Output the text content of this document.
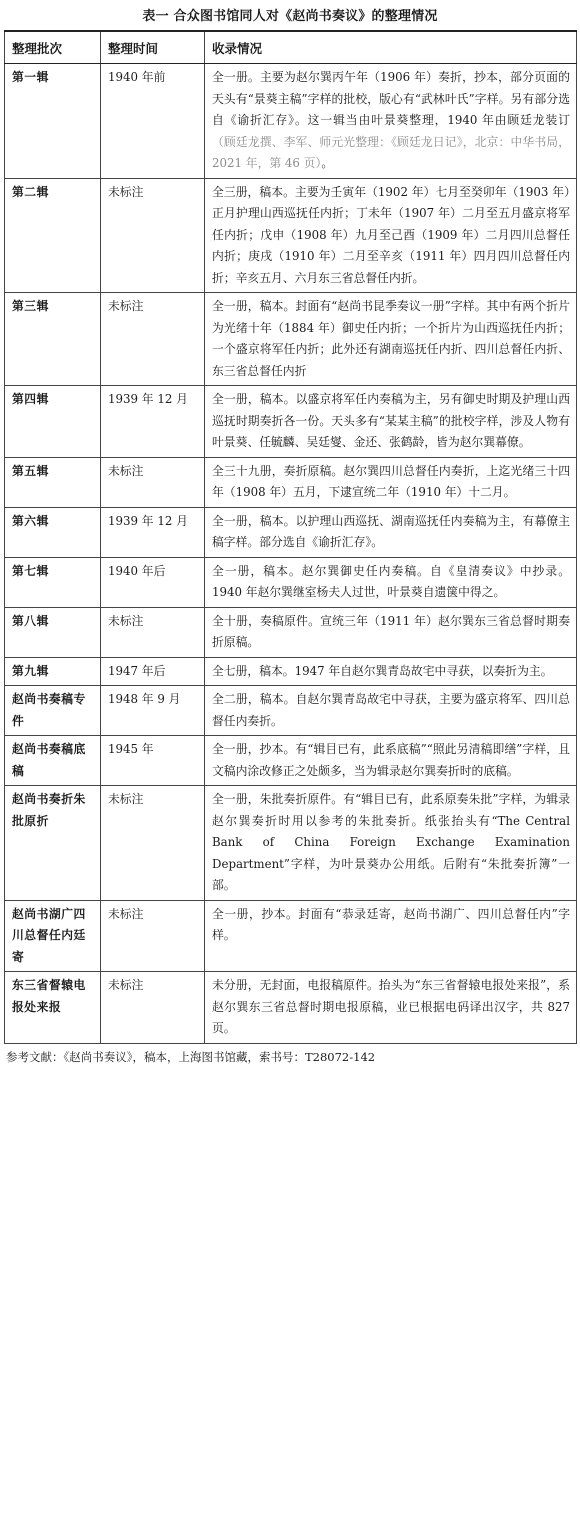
表一 合众图书馆同人对《赵尚书奏议》的整理情况
整理批次	整理时间	收录情况
第一辑	1940 年前	全一册。主要为赵尔巽丙午年（1906 年）奏折，抄本，部分页面的天头有“景葵主稿”字样的批校，版心有“武林叶氏”字样。另有部分选自《谕折汇存》。这一辑当由叶景葵整理，1940 年由顾廷龙装订（顾廷龙撰、李军、师元光整理：《顾廷龙日记》，北京：中华书局，2021 年，第 46 页）。
第二辑	未标注	全三册，稿本。主要为壬寅年（1902 年）七月至癸卯年（1903 年）正月护理山西巡抚任内折；丁未年（1907 年）二月至五月盛京将军任内折；戊申（1908 年）九月至己酉（1909 年）二月四川总督任内折；庚戌（1910 年）二月至辛亥（1911 年）四月四川总督任内折；辛亥五月、六月东三省总督任内折。
第三辑	未标注	全一册，稿本。封面有“赵尚书昆季奏议一册”字样。其中有两个折片为光绪十年（1884 年）御史任内折；一个折片为山西巡抚任内折；一个盛京将军任内折；此外还有湖南巡抚任内折、四川总督任内折、东三省总督任内折
第四辑	1939 年 12 月	全一册，稿本。以盛京将军任内奏稿为主，另有御史时期及护理山西巡抚时期奏折各一份。天头多有“某某主稿”的批校字样，涉及人物有叶景葵、任毓麟、吴廷燮、金还、张鹤龄，皆为赵尔巽幕僚。
第五辑	未标注	全三十九册，奏折原稿。赵尔巽四川总督任内奏折，上迄光绪三十四年（1908 年）五月，下逮宣统二年（1910 年）十二月。
第六辑	1939 年 12 月	全一册，稿本。以护理山西巡抚、湖南巡抚任内奏稿为主，有幕僚主稿字样。部分选自《谕折汇存》。
第七辑	1940 年后	全一册，稿本。赵尔巽御史任内奏稿。自《皇清奏议》中抄录。1940 年赵尔巽继室杨夫人过世，叶景葵自遗箧中得之。
第八辑	未标注	全十册，奏稿原件。宣统三年（1911 年）赵尔巽东三省总督时期奏折原稿。
第九辑	1947 年后	全七册，稿本。1947 年自赵尔巽青岛故宅中寻获，以奏折为主。
赵尚书奏稿专件	1948 年 9 月	全二册，稿本。自赵尔巽青岛故宅中寻获，主要为盛京将军、四川总督任内奏折。
赵尚书奏稿底稿	1945 年	全一册，抄本。有“辑目已有，此系底稿”“照此另清稿即缮”字样，且文稿内涂改修正之处颇多，当为辑录赵尔巽奏折时的底稿。
赵尚书奏折朱批原折	未标注	全一册，朱批奏折原件。有“辑目已有，此系原奏朱批”字样，为辑录赵尔巽奏折时用以参考的朱批奏折。纸张抬头有“The Central Bank of China Foreign Exchange Examination Department”字样，为叶景葵办公用纸。后附有“朱批奏折簿”一部。
赵尚书湖广四川总督任内廷寄	未标注	全一册，抄本。封面有“恭录廷寄，赵尚书湖广、四川总督任内”字样。
东三省督辕电报处来报	未标注	未分册，无封面，电报稿原件。抬头为“东三省督辕电报处来报”，系赵尔巽东三省总督时期电报原稿，业已根据电码译出汉字，共 827 页。
参考文献：《赵尚书奏议》，稿本，上海图书馆藏，索书号：T28072-142
